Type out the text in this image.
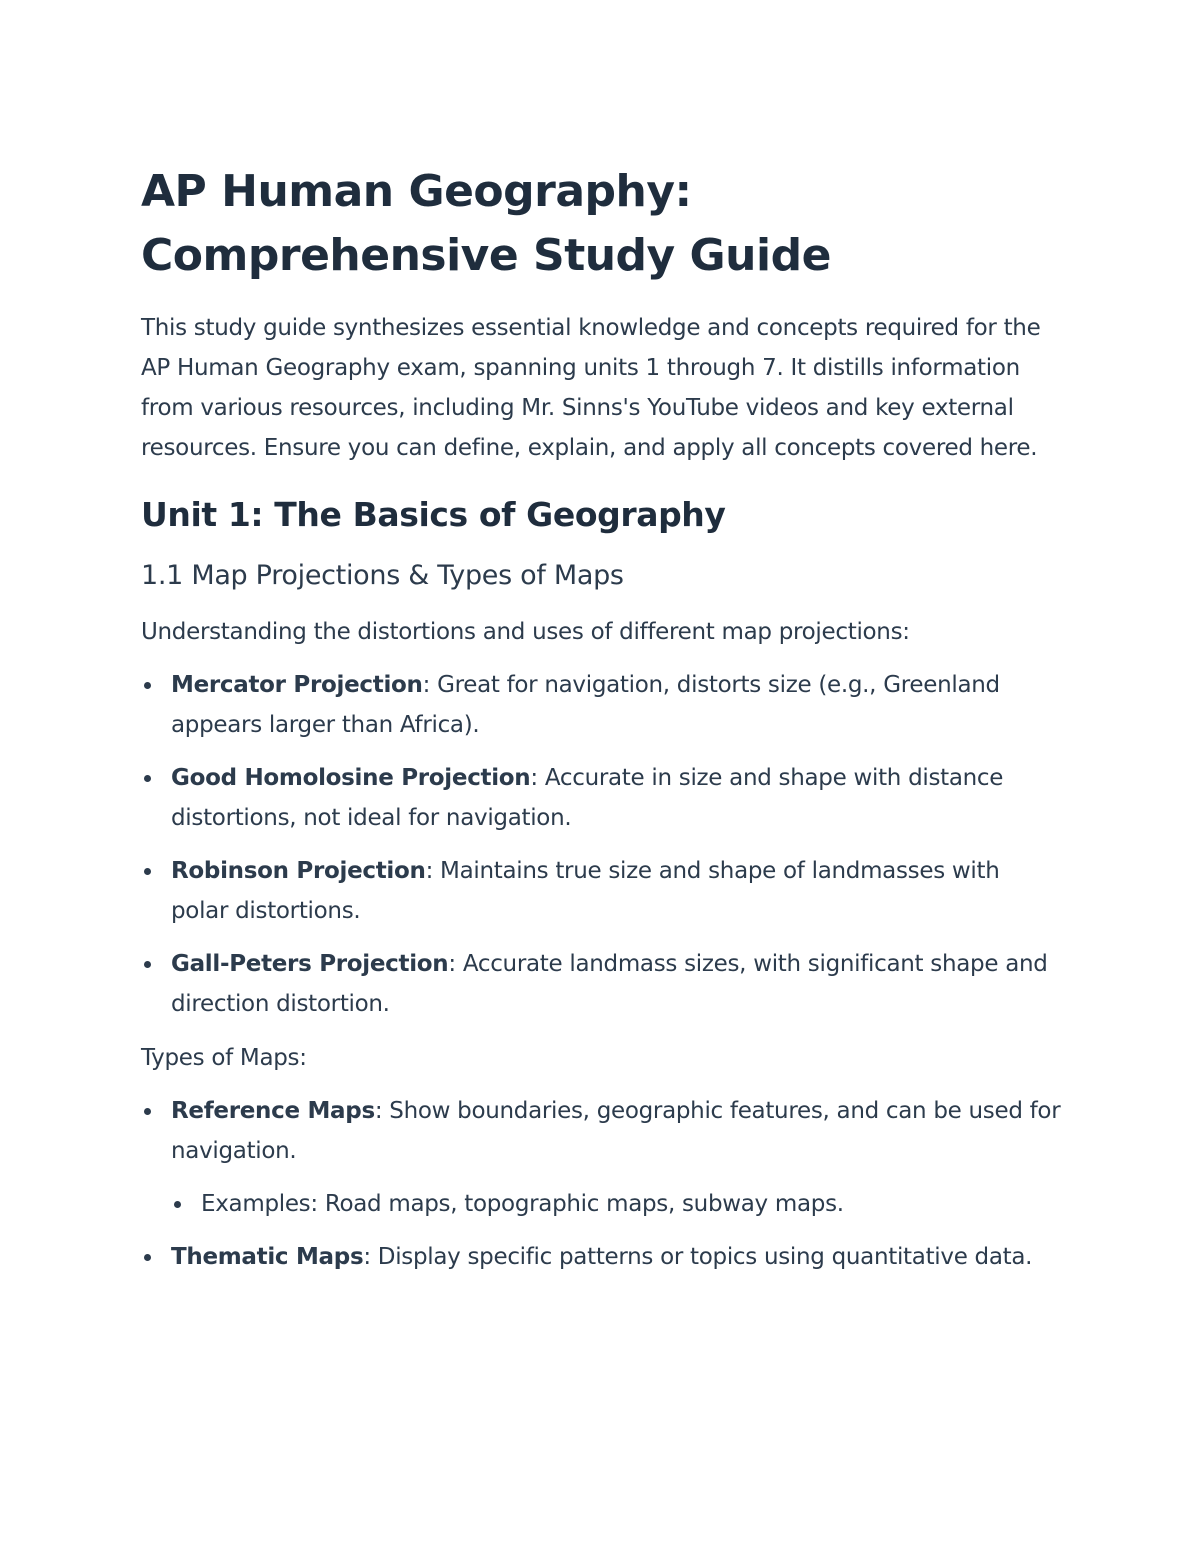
AP Human Geography: Comprehensive Study Guide

This study guide synthesizes essential knowledge and concepts required for the AP Human Geography exam, spanning units 1 through 7. It distills information from various resources, including Mr. Sinns's YouTube videos and key external resources. Ensure you can define, explain, and apply all concepts covered here.

Unit 1: The Basics of Geography
1.1 Map Projections & Types of Maps

Understanding the distortions and uses of different map projections:

Mercator Projection: Great for navigation, distorts size (e.g., Greenland appears larger than Africa).
Good Homolosine Projection: Accurate in size and shape with distance distortions, not ideal for navigation.
Robinson Projection: Maintains true size and shape of landmasses with polar distortions.
Gall-Peters Projection: Accurate landmass sizes, with significant shape and direction distortion.

Types of Maps:

Reference Maps: Show boundaries, geographic features, and can be used for navigation.
Examples: Road maps, topographic maps, subway maps.
Thematic Maps: Display specific patterns or topics using quantitative data.
